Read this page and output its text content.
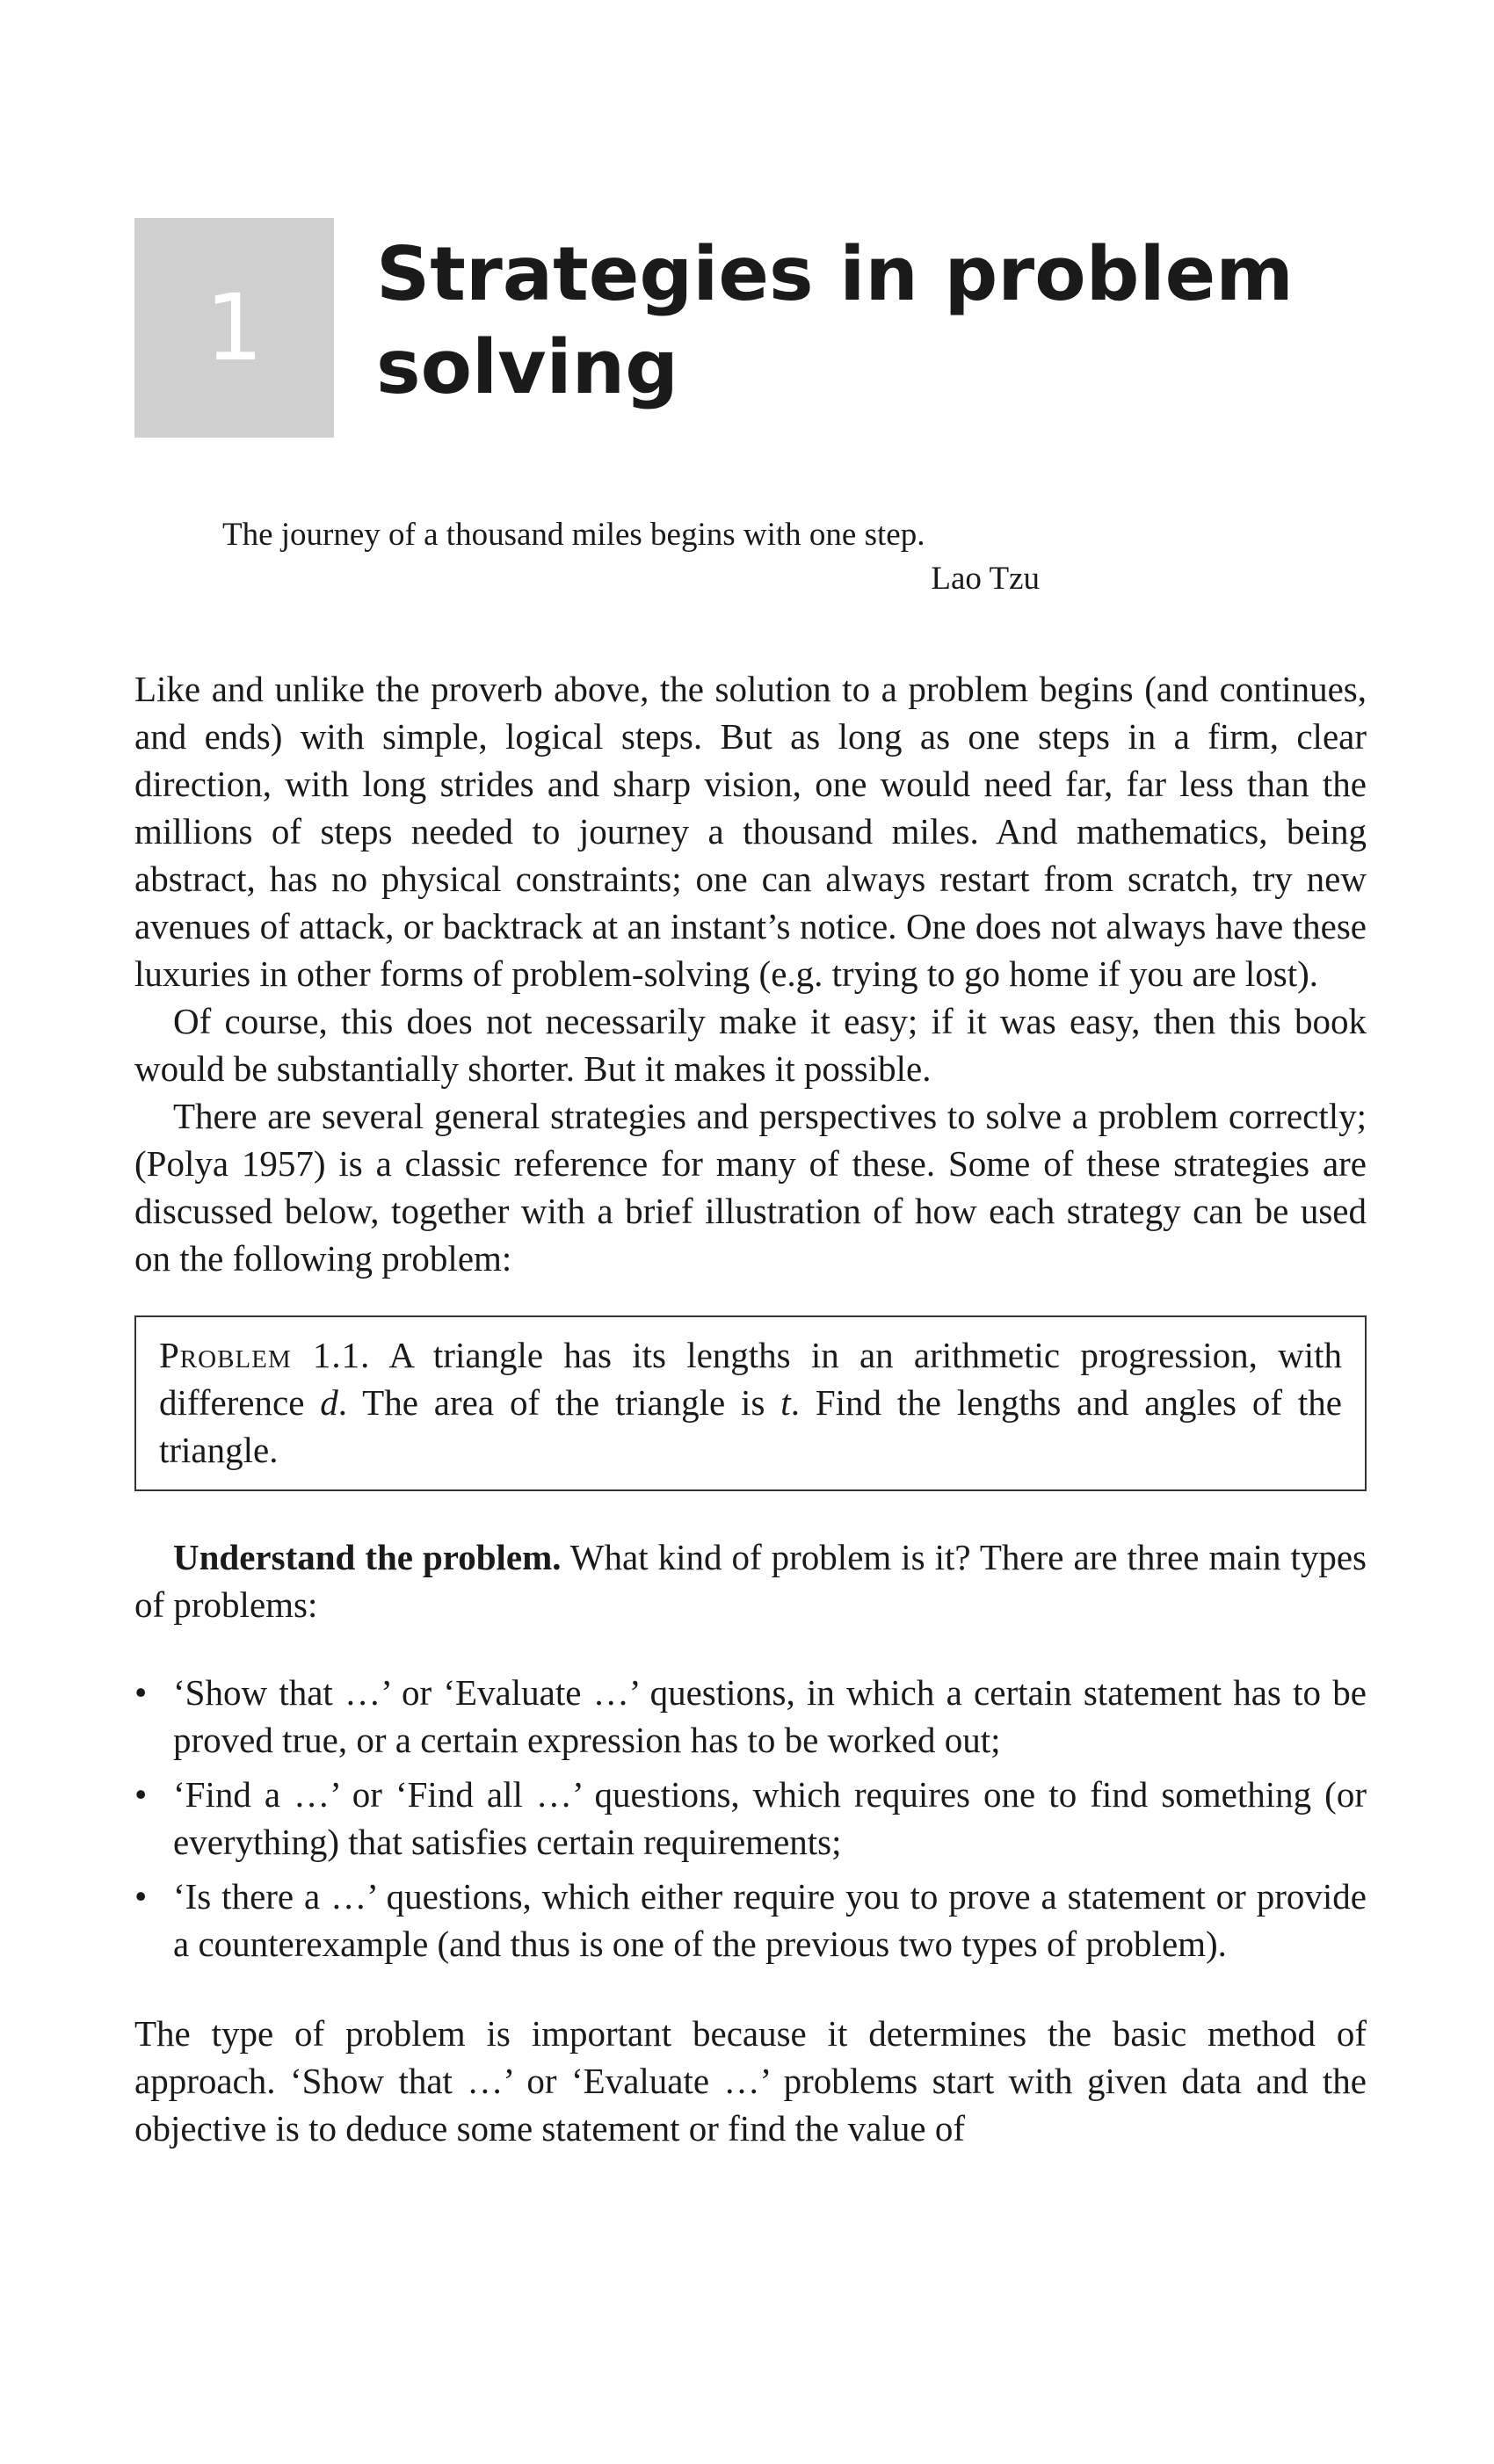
1 Strategies in problem
solving
The journey of a thousand miles begins with one step.
Lao Tzu

Like and unlike the proverb above, the solution to a problem begins (and continues, and ends) with simple, logical steps. But as long as one steps in a firm, clear direction, with long strides and sharp vision, one would need far, far less than the millions of steps needed to journey a thousand miles. And mathematics, being abstract, has no physical constraints; one can always restart from scratch, try new avenues of attack, or backtrack at an instant’s notice. One does not always have these luxuries in other forms of problem-solving (e.g. trying to go home if you are lost).

Of course, this does not necessarily make it easy; if it was easy, then this book would be substantially shorter. But it makes it possible.

There are several general strategies and perspectives to solve a problem correctly; (Polya 1957) is a classic reference for many of these. Some of these strategies are discussed below, together with a brief illustration of how each strategy can be used on the following problem:

Problem 1.1. A triangle has its lengths in an arithmetic progression, with difference d. The area of the triangle is t. Find the lengths and angles of the triangle.

Understand the problem. What kind of problem is it? There are three main types of problems:

• ‘Show that …’ or ‘Evaluate …’ questions, in which a certain statement has to be proved true, or a certain expression has to be worked out;
• ‘Find a …’ or ‘Find all …’ questions, which requires one to find something (or everything) that satisfies certain requirements;
• ‘Is there a …’ questions, which either require you to prove a statement or provide a counterexample (and thus is one of the previous two types of problem).

The type of problem is important because it determines the basic method of approach. ‘Show that …’ or ‘Evaluate …’ problems start with given data and the objective is to deduce some statement or find the value of
